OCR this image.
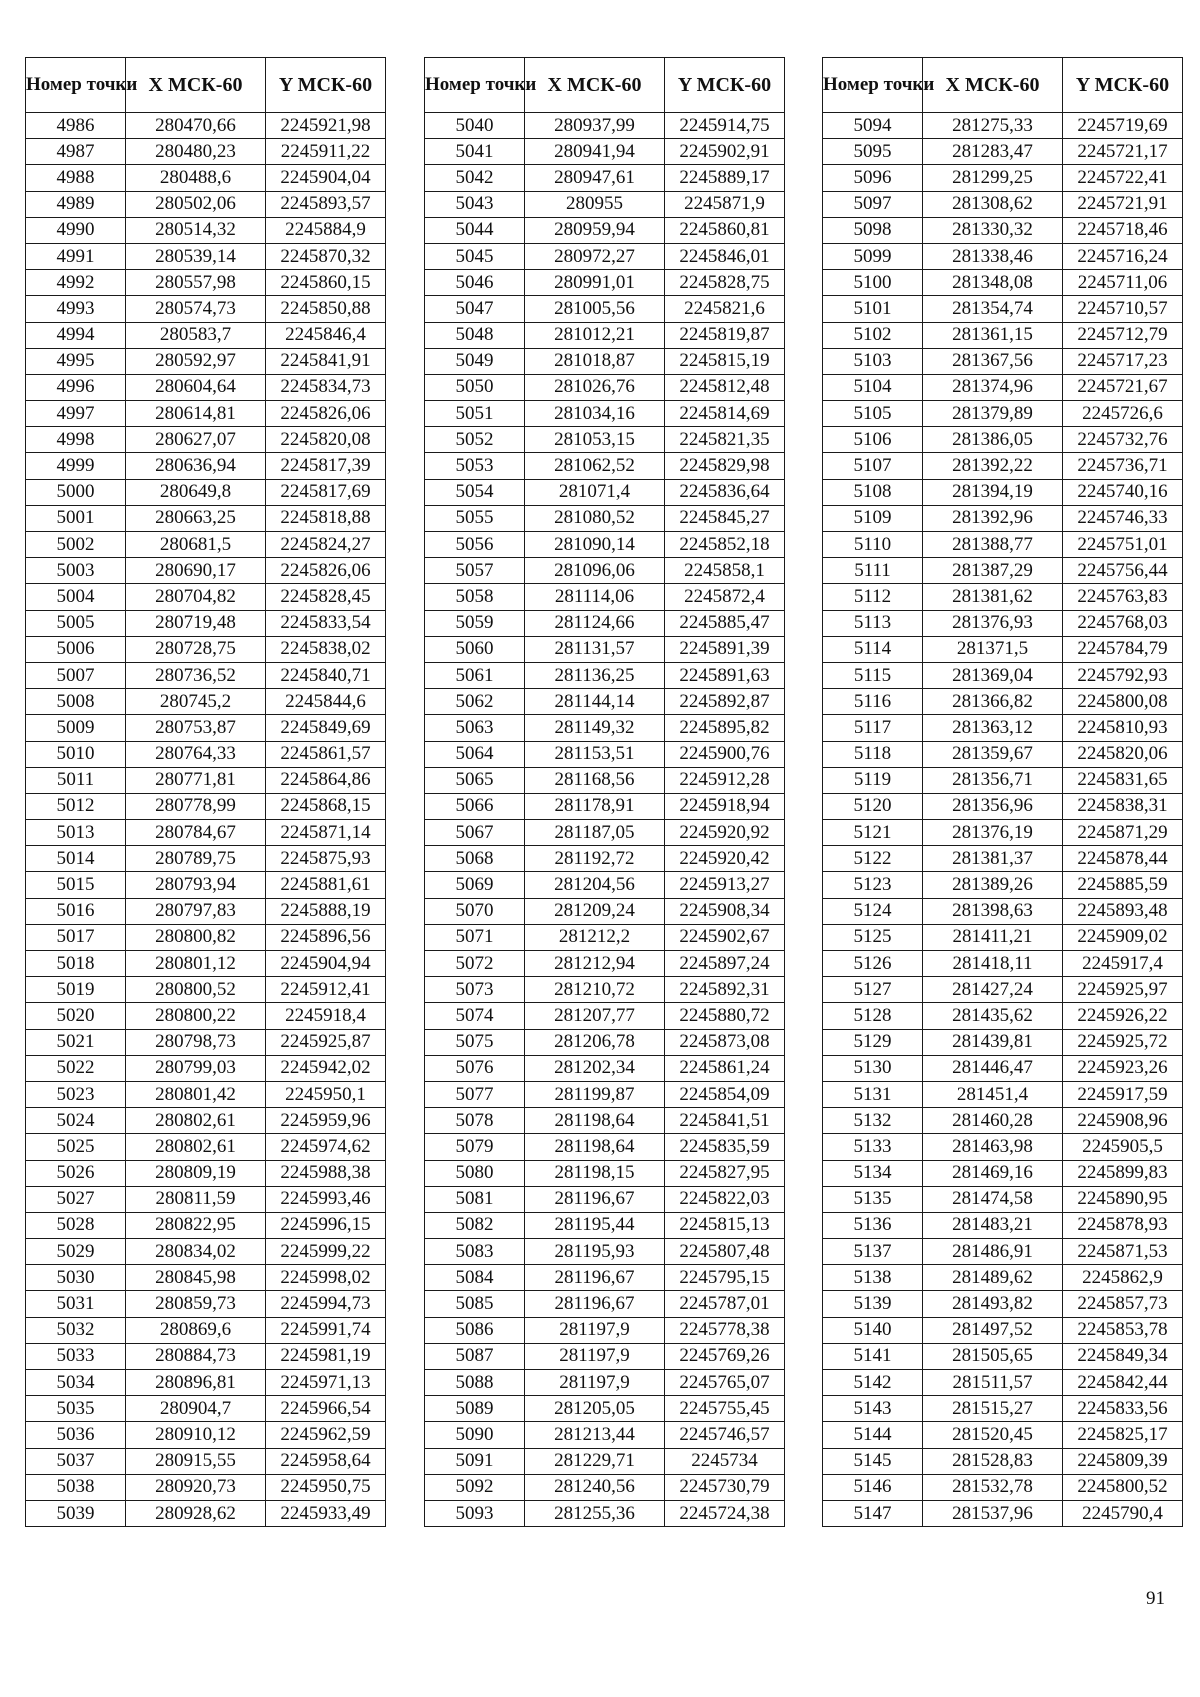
Номер точки	X МСК-60	Y МСК-60
4986	280470,66	2245921,98
4987	280480,23	2245911,22
4988	280488,6	2245904,04
4989	280502,06	2245893,57
4990	280514,32	2245884,9
4991	280539,14	2245870,32
4992	280557,98	2245860,15
4993	280574,73	2245850,88
4994	280583,7	2245846,4
4995	280592,97	2245841,91
4996	280604,64	2245834,73
4997	280614,81	2245826,06
4998	280627,07	2245820,08
4999	280636,94	2245817,39
5000	280649,8	2245817,69
5001	280663,25	2245818,88
5002	280681,5	2245824,27
5003	280690,17	2245826,06
5004	280704,82	2245828,45
5005	280719,48	2245833,54
5006	280728,75	2245838,02
5007	280736,52	2245840,71
5008	280745,2	2245844,6
5009	280753,87	2245849,69
5010	280764,33	2245861,57
5011	280771,81	2245864,86
5012	280778,99	2245868,15
5013	280784,67	2245871,14
5014	280789,75	2245875,93
5015	280793,94	2245881,61
5016	280797,83	2245888,19
5017	280800,82	2245896,56
5018	280801,12	2245904,94
5019	280800,52	2245912,41
5020	280800,22	2245918,4
5021	280798,73	2245925,87
5022	280799,03	2245942,02
5023	280801,42	2245950,1
5024	280802,61	2245959,96
5025	280802,61	2245974,62
5026	280809,19	2245988,38
5027	280811,59	2245993,46
5028	280822,95	2245996,15
5029	280834,02	2245999,22
5030	280845,98	2245998,02
5031	280859,73	2245994,73
5032	280869,6	2245991,74
5033	280884,73	2245981,19
5034	280896,81	2245971,13
5035	280904,7	2245966,54
5036	280910,12	2245962,59
5037	280915,55	2245958,64
5038	280920,73	2245950,75
5039	280928,62	2245933,49
Номер точки	X МСК-60	Y МСК-60
5040	280937,99	2245914,75
5041	280941,94	2245902,91
5042	280947,61	2245889,17
5043	280955	2245871,9
5044	280959,94	2245860,81
5045	280972,27	2245846,01
5046	280991,01	2245828,75
5047	281005,56	2245821,6
5048	281012,21	2245819,87
5049	281018,87	2245815,19
5050	281026,76	2245812,48
5051	281034,16	2245814,69
5052	281053,15	2245821,35
5053	281062,52	2245829,98
5054	281071,4	2245836,64
5055	281080,52	2245845,27
5056	281090,14	2245852,18
5057	281096,06	2245858,1
5058	281114,06	2245872,4
5059	281124,66	2245885,47
5060	281131,57	2245891,39
5061	281136,25	2245891,63
5062	281144,14	2245892,87
5063	281149,32	2245895,82
5064	281153,51	2245900,76
5065	281168,56	2245912,28
5066	281178,91	2245918,94
5067	281187,05	2245920,92
5068	281192,72	2245920,42
5069	281204,56	2245913,27
5070	281209,24	2245908,34
5071	281212,2	2245902,67
5072	281212,94	2245897,24
5073	281210,72	2245892,31
5074	281207,77	2245880,72
5075	281206,78	2245873,08
5076	281202,34	2245861,24
5077	281199,87	2245854,09
5078	281198,64	2245841,51
5079	281198,64	2245835,59
5080	281198,15	2245827,95
5081	281196,67	2245822,03
5082	281195,44	2245815,13
5083	281195,93	2245807,48
5084	281196,67	2245795,15
5085	281196,67	2245787,01
5086	281197,9	2245778,38
5087	281197,9	2245769,26
5088	281197,9	2245765,07
5089	281205,05	2245755,45
5090	281213,44	2245746,57
5091	281229,71	2245734
5092	281240,56	2245730,79
5093	281255,36	2245724,38
Номер точки	X МСК-60	Y МСК-60
5094	281275,33	2245719,69
5095	281283,47	2245721,17
5096	281299,25	2245722,41
5097	281308,62	2245721,91
5098	281330,32	2245718,46
5099	281338,46	2245716,24
5100	281348,08	2245711,06
5101	281354,74	2245710,57
5102	281361,15	2245712,79
5103	281367,56	2245717,23
5104	281374,96	2245721,67
5105	281379,89	2245726,6
5106	281386,05	2245732,76
5107	281392,22	2245736,71
5108	281394,19	2245740,16
5109	281392,96	2245746,33
5110	281388,77	2245751,01
5111	281387,29	2245756,44
5112	281381,62	2245763,83
5113	281376,93	2245768,03
5114	281371,5	2245784,79
5115	281369,04	2245792,93
5116	281366,82	2245800,08
5117	281363,12	2245810,93
5118	281359,67	2245820,06
5119	281356,71	2245831,65
5120	281356,96	2245838,31
5121	281376,19	2245871,29
5122	281381,37	2245878,44
5123	281389,26	2245885,59
5124	281398,63	2245893,48
5125	281411,21	2245909,02
5126	281418,11	2245917,4
5127	281427,24	2245925,97
5128	281435,62	2245926,22
5129	281439,81	2245925,72
5130	281446,47	2245923,26
5131	281451,4	2245917,59
5132	281460,28	2245908,96
5133	281463,98	2245905,5
5134	281469,16	2245899,83
5135	281474,58	2245890,95
5136	281483,21	2245878,93
5137	281486,91	2245871,53
5138	281489,62	2245862,9
5139	281493,82	2245857,73
5140	281497,52	2245853,78
5141	281505,65	2245849,34
5142	281511,57	2245842,44
5143	281515,27	2245833,56
5144	281520,45	2245825,17
5145	281528,83	2245809,39
5146	281532,78	2245800,52
5147	281537,96	2245790,4
91
